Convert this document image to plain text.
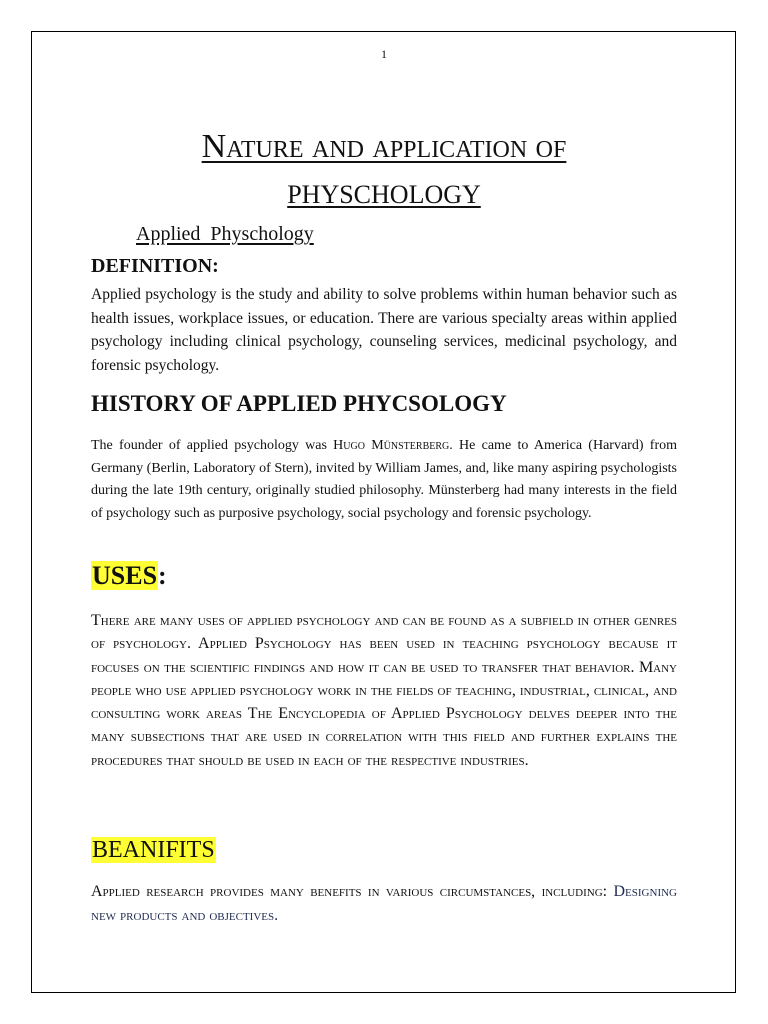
1
Nature and application of
PHYSCHOLOGY
Applied  Physchology
DEFINITION:

Applied psychology is the study and ability to solve problems within human behavior such as health issues, workplace issues, or education. There are various specialty areas within applied psychology including clinical psychology, counseling services, medicinal psychology, and forensic psychology.

HISTORY OF APPLIED PHYCSOLOGY

The founder of applied psychology was Hugo Münsterberg. He came to America (Harvard) from Germany (Berlin, Laboratory of Stern), invited by William James, and, like many aspiring psychologists during the late 19th century, originally studied philosophy. Münsterberg had many interests in the field of psychology such as purposive psychology, social psychology and forensic psychology.

USES:

There are many uses of applied psychology and can be found as a subfield in other genres of psychology. Applied Psychology has been used in teaching psychology because it focuses on the scientific findings and how it can be used to transfer that behavior. Many people who use applied psychology work in the fields of teaching, industrial, clinical, and consulting work areas The Encyclopedia of Applied Psychology delves deeper into the many subsections that are used in correlation with this field and further explains the procedures that should be used in each of the respective industries.

BEANIFITS

Applied research provides many benefits in various circumstances, including: Designing new products and objectives.
